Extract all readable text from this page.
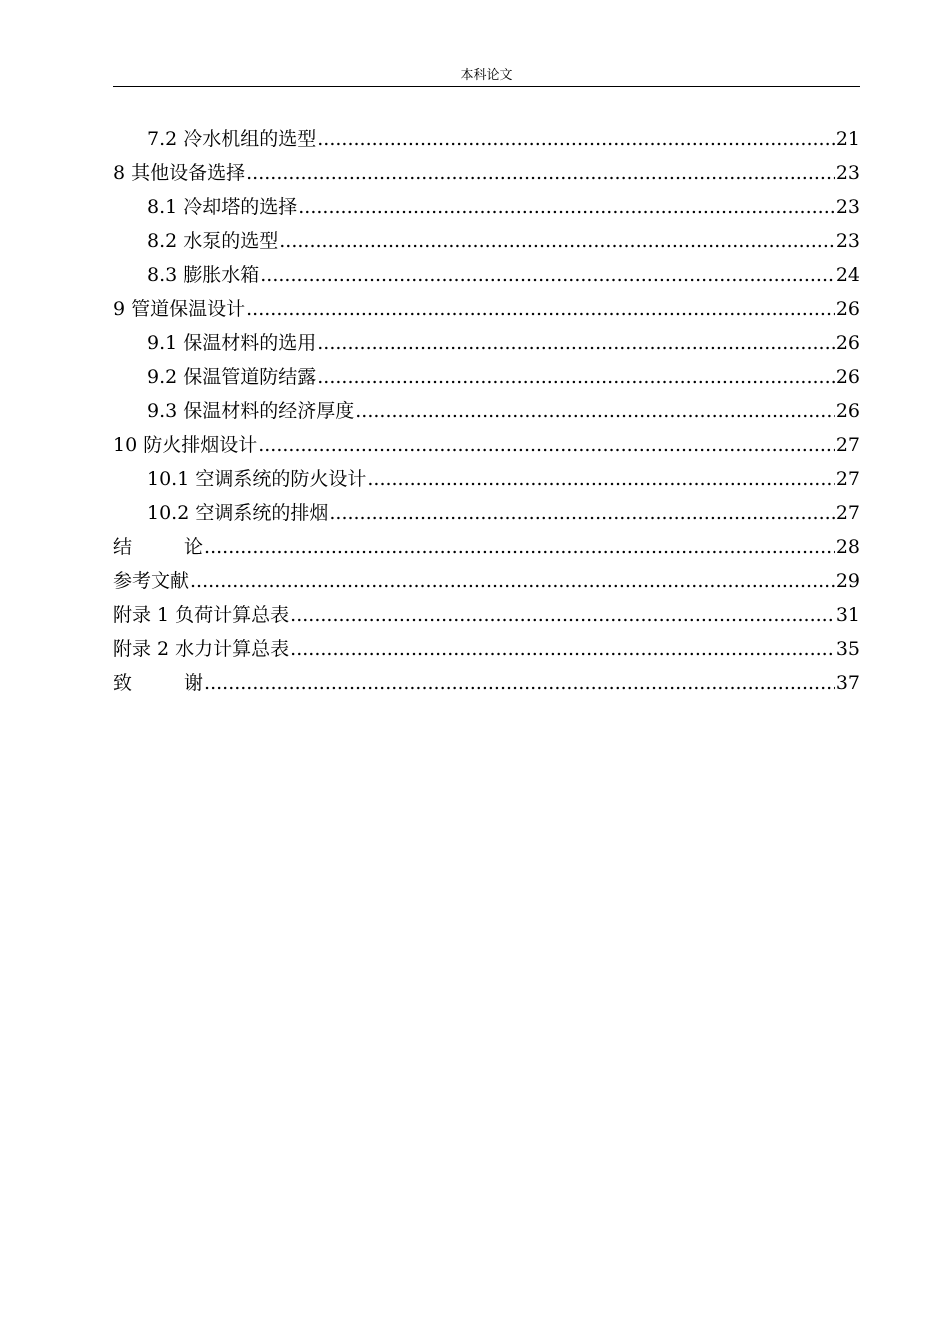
本科论文
7.2 冷水机组的选型 .....	21
8 其他设备选择 .....	23
8.1 冷却塔的选择 .....	23
8.2 水泵的选型 .....	23
8.3 膨胀水箱 .....	24
9 管道保温设计 .....	26
9.1 保温材料的选用 .....	26
9.2 保温管道防结露 .....	26
9.3 保温材料的经济厚度 .....	26
10 防火排烟设计 .....	27
10.1 空调系统的防火设计 .....	27
10.2 空调系统的排烟 .....	27
结	论 .....	28
参考文献 .....	29
附录 1 负荷计算总表 .....	31
附录 2 水力计算总表 .....	35
致	谢 .....	37
